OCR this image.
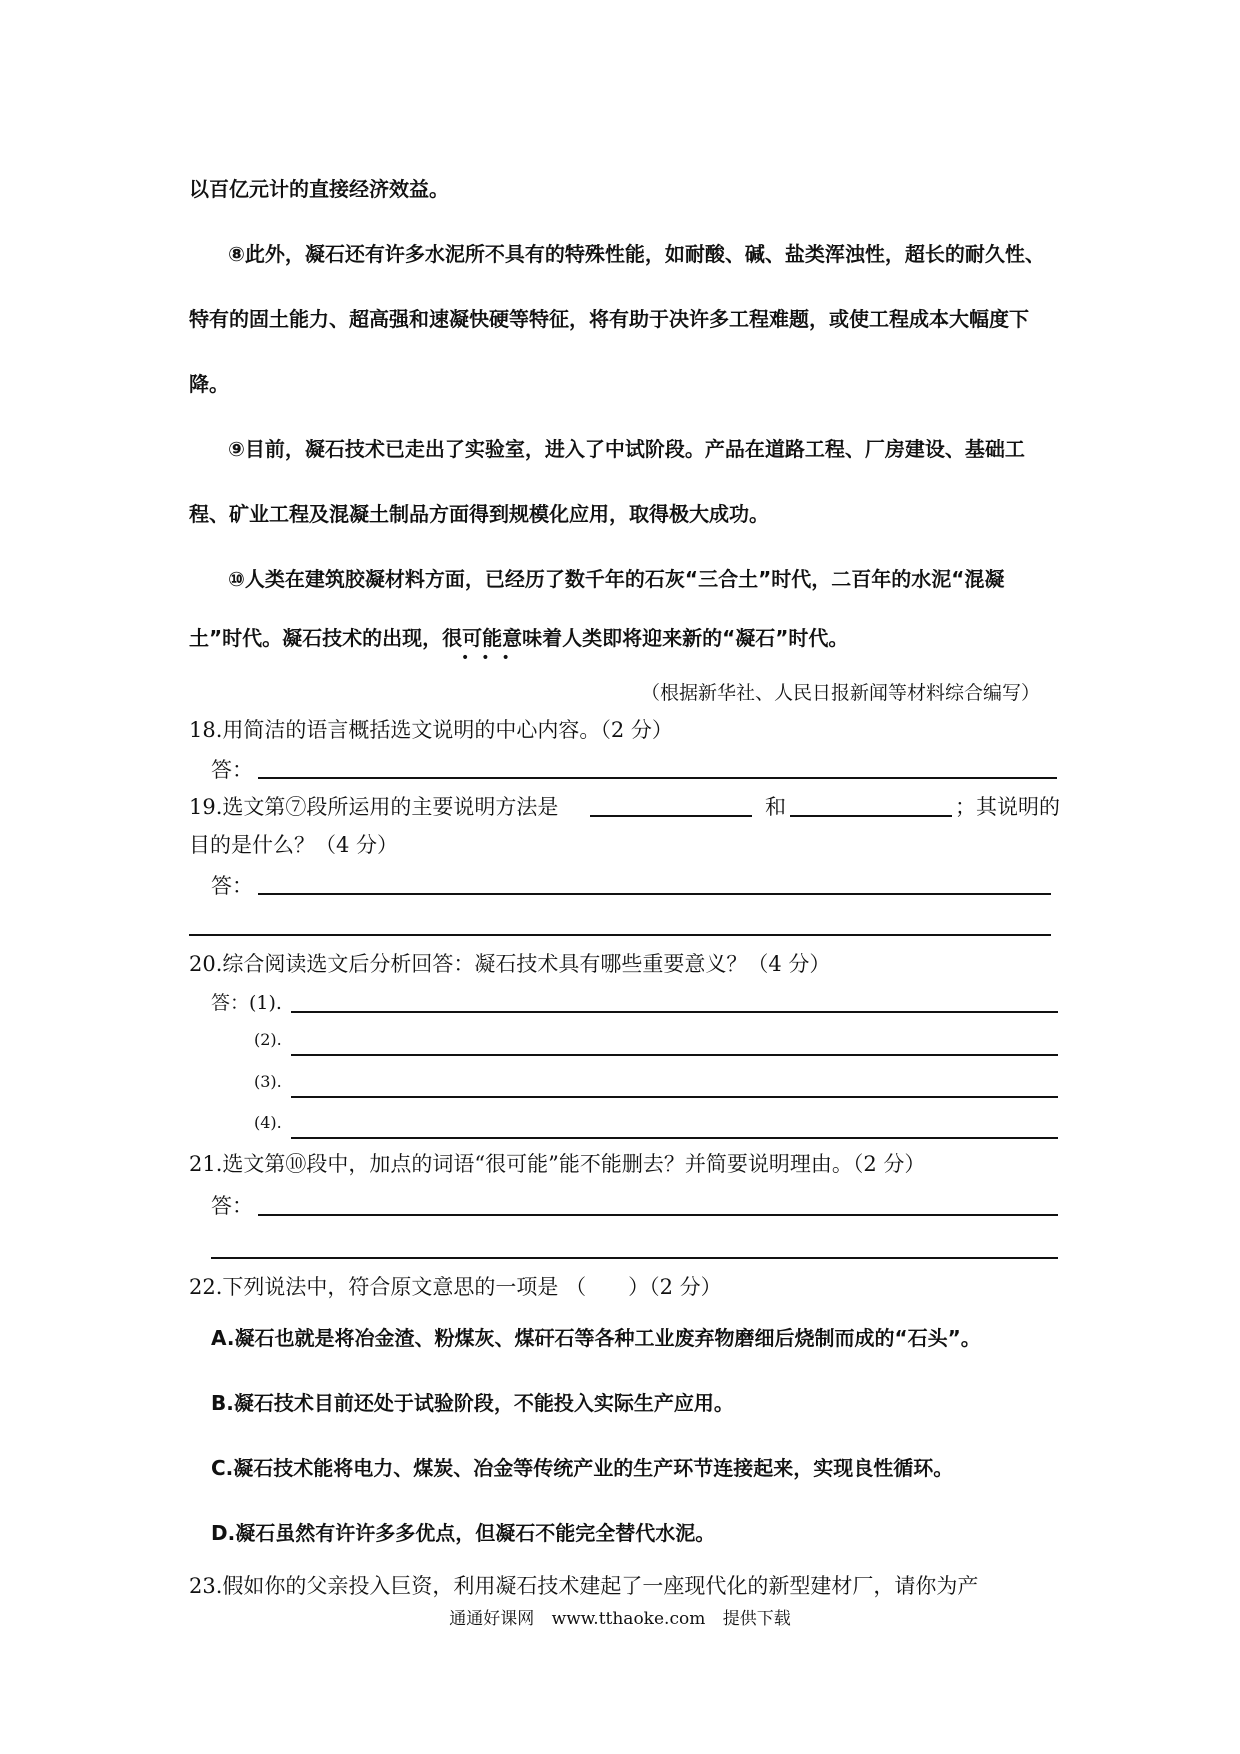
以百亿元计的直接经济效益。
⑧此外，凝石还有许多水泥所不具有的特殊性能，如耐酸、碱、盐类浑浊性，超长的耐久性、
特有的固土能力、超高强和速凝快硬等特征，将有助于决许多工程难题，或使工程成本大幅度下
降。
⑨目前，凝石技术已走出了实验室，进入了中试阶段。产品在道路工程、厂房建设、基础工
程、矿业工程及混凝土制品方面得到规模化应用，取得极大成功。
⑩人类在建筑胶凝材料方面，已经历了数千年的石灰“三合土”时代，二百年的水泥“混凝
土”时代。凝石技术的出现，很可能意味着人类即将迎来新的“凝石”时代。
•••
（根据新华社、人民日报新闻等材料综合编写）
18.用简洁的语言概括选文说明的中心内容。（2 分）
答：
19.选文第⑦段所运用的主要说明方法是	和	；其说明的
目的是什么？（4 分）
答：
20.综合阅读选文后分析回答：凝石技术具有哪些重要意义？（4 分）
答：(1).
(2).
(3).
(4).
21.选文第⑩段中，加点的词语“很可能”能不能删去？并简要说明理由。（2 分）
答：
22.下列说法中，符合原文意思的一项是 （　　）（2 分）
A.凝石也就是将冶金渣、粉煤灰、煤矸石等各种工业废弃物磨细后烧制而成的“石头”。
B.凝石技术目前还处于试验阶段，不能投入实际生产应用。
C.凝石技术能将电力、煤炭、冶金等传统产业的生产环节连接起来，实现良性循环。
D.凝石虽然有许许多多优点，但凝石不能完全替代水泥。
23.假如你的父亲投入巨资，利用凝石技术建起了一座现代化的新型建材厂，请你为产
通通好课网 www.tthaoke.com 提供下载
